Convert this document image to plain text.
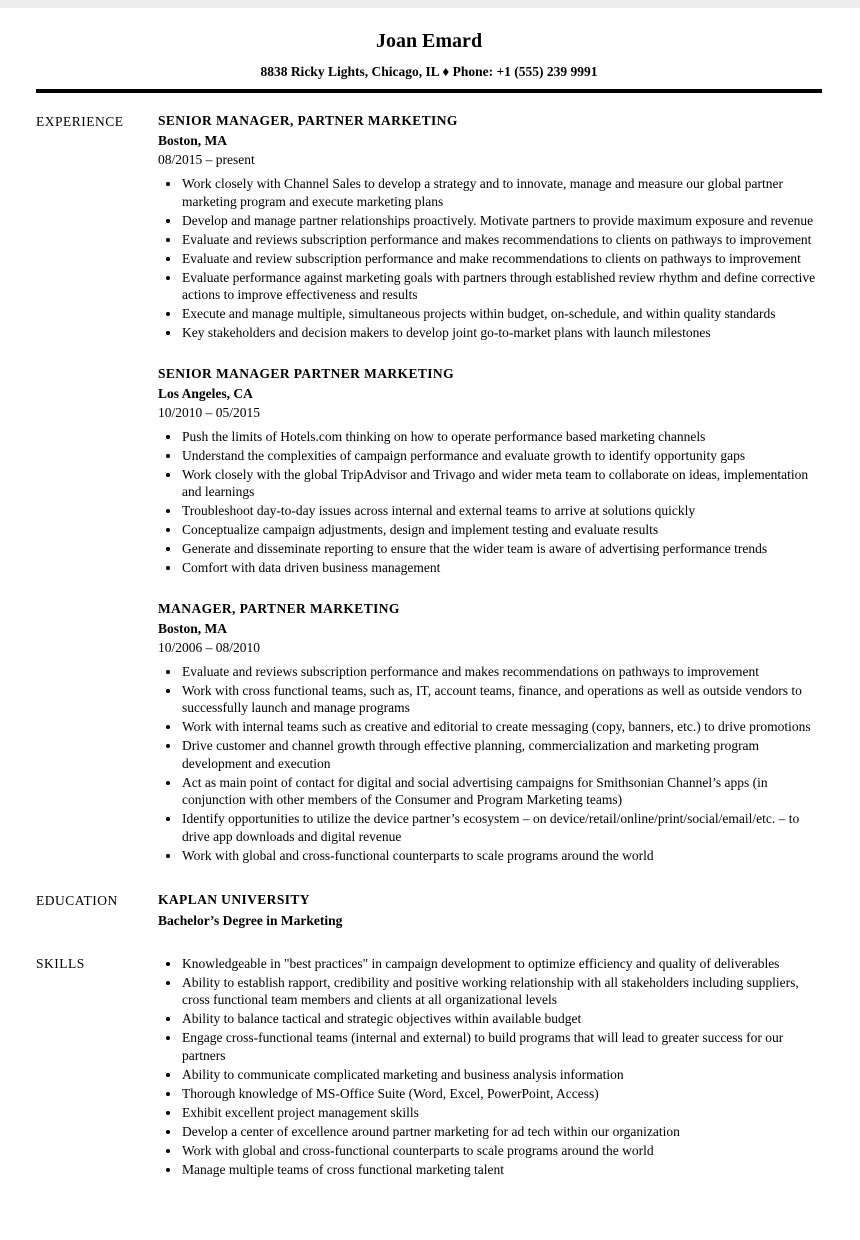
Joan Emard
8838 Ricky Lights, Chicago, IL ♦ Phone: +1 (555) 239 9991
EXPERIENCE	SENIOR MANAGER, PARTNER MARKETING
Boston, MA
08/2015 – present
• Work closely with Channel Sales to develop a strategy and to innovate, manage and measure our global partner marketing program and execute marketing plans
• Develop and manage partner relationships proactively. Motivate partners to provide maximum exposure and revenue
• Evaluate and reviews subscription performance and makes recommendations to clients on pathways to improvement
• Evaluate and review subscription performance and make recommendations to clients on pathways to improvement
• Evaluate performance against marketing goals with partners through established review rhythm and define corrective actions to improve effectiveness and results
• Execute and manage multiple, simultaneous projects within budget, on-schedule, and within quality standards
• Key stakeholders and decision makers to develop joint go-to-market plans with launch milestones
SENIOR MANAGER PARTNER MARKETING
Los Angeles, CA
10/2010 – 05/2015
• Push the limits of Hotels.com thinking on how to operate performance based marketing channels
• Understand the complexities of campaign performance and evaluate growth to identify opportunity gaps
• Work closely with the global TripAdvisor and Trivago and wider meta team to collaborate on ideas, implementation and learnings
• Troubleshoot day-to-day issues across internal and external teams to arrive at solutions quickly
• Conceptualize campaign adjustments, design and implement testing and evaluate results
• Generate and disseminate reporting to ensure that the wider team is aware of advertising performance trends
• Comfort with data driven business management
MANAGER, PARTNER MARKETING
Boston, MA
10/2006 – 08/2010
• Evaluate and reviews subscription performance and makes recommendations on pathways to improvement
• Work with cross functional teams, such as, IT, account teams, finance, and operations as well as outside vendors to successfully launch and manage programs
• Work with internal teams such as creative and editorial to create messaging (copy, banners, etc.) to drive promotions
• Drive customer and channel growth through effective planning, commercialization and marketing program development and execution
• Act as main point of contact for digital and social advertising campaigns for Smithsonian Channel’s apps (in conjunction with other members of the Consumer and Program Marketing teams)
• Identify opportunities to utilize the device partner’s ecosystem – on device/retail/online/print/social/email/etc. – to drive app downloads and digital revenue
• Work with global and cross-functional counterparts to scale programs around the world
EDUCATION	KAPLAN UNIVERSITY
Bachelor’s Degree in Marketing
SKILLS	• Knowledgeable in "best practices" in campaign development to optimize efficiency and quality of deliverables
• Ability to establish rapport, credibility and positive working relationship with all stakeholders including suppliers, cross functional team members and clients at all organizational levels
• Ability to balance tactical and strategic objectives within available budget
• Engage cross-functional teams (internal and external) to build programs that will lead to greater success for our partners
• Ability to communicate complicated marketing and business analysis information
• Thorough knowledge of MS-Office Suite (Word, Excel, PowerPoint, Access)
• Exhibit excellent project management skills
• Develop a center of excellence around partner marketing for ad tech within our organization
• Work with global and cross-functional counterparts to scale programs around the world
• Manage multiple teams of cross functional marketing talent
